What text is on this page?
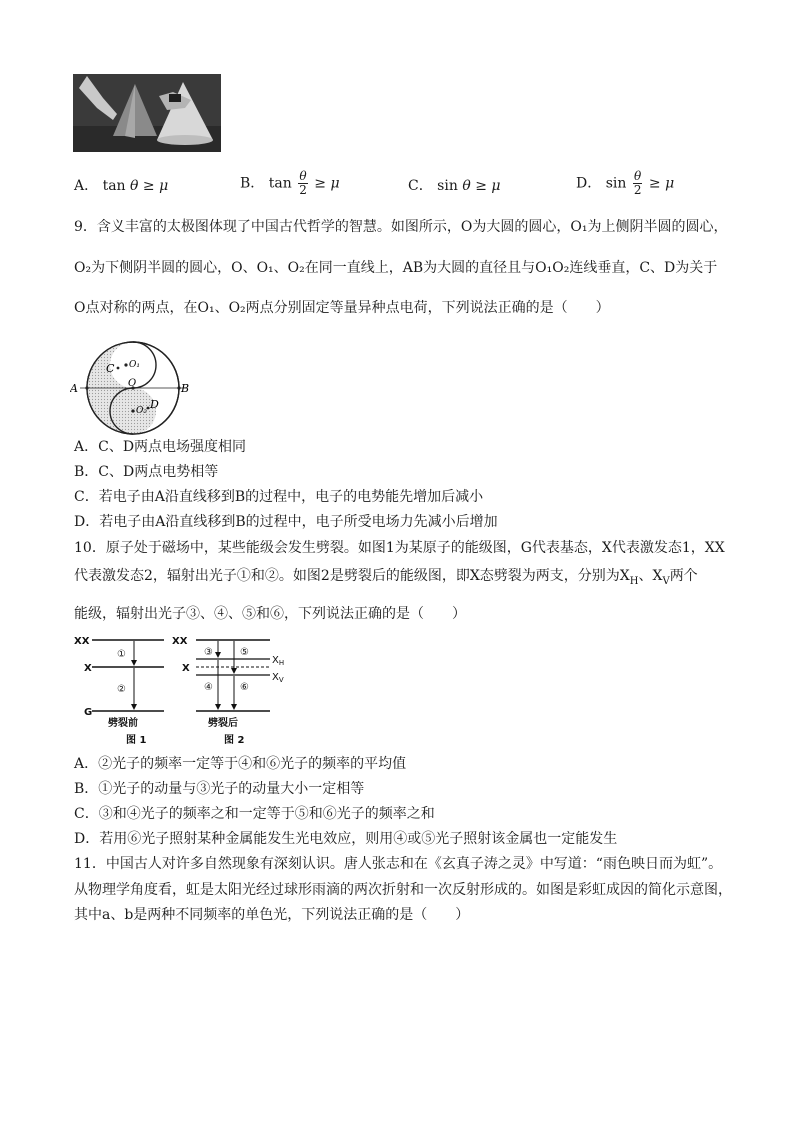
A． tan θ ≥ μ	B． $\tan \frac{\theta}{2} \ge \mu$	C． sin θ ≥ μ	D． $\sin \frac{\theta}{2} \ge \mu$
9．含义丰富的太极图体现了中国古代哲学的智慧。如图所示，O为大圆的圆心，O₁为上侧阴半圆的圆心，
O₂为下侧阴半圆的圆心，O、O₁、O₂在同一直线上，AB为大圆的直径且与O₁O₂连线垂直，C、D为关于
O点对称的两点，在O₁、O₂两点分别固定等量异种点电荷，下列说法正确的是（　　）
A	B
C
D
O
O₁
O₂
A．C、D两点电场强度相同
B．C、D两点电势相等
C．若电子由A沿直线移到B的过程中，电子的电势能先增加后减小
D．若电子由A沿直线移到B的过程中，电子所受电场力先减小后增加
10．原子处于磁场中，某些能级会发生劈裂。如图1为某原子的能级图，G代表基态，X代表激发态1，XX
代表激发态2，辐射出光子①和②。如图2是劈裂后的能级图，即X态劈裂为两支，分别为$X_H$、$X_V$两个
能级，辐射出光子③、④、⑤和⑥，下列说法正确的是（　　）
XX
X
G
①
②
劈裂前
图 1
XX
X
$X_H$
$X_V$
③
④
⑤
⑥
劈裂后
图 2
A．②光子的频率一定等于④和⑥光子的频率的平均值
B．①光子的动量与③光子的动量大小一定相等
C．③和④光子的频率之和一定等于⑤和⑥光子的频率之和
D．若用⑥光子照射某种金属能发生光电效应，则用④或⑤光子照射该金属也一定能发生
11．中国古人对许多自然现象有深刻认识。唐人张志和在《玄真子涛之灵》中写道：“雨色映日而为虹”。
从物理学角度看，虹是太阳光经过球形雨滴的两次折射和一次反射形成的。如图是彩虹成因的简化示意图，
其中a、b是两种不同频率的单色光，下列说法正确的是（　　）
